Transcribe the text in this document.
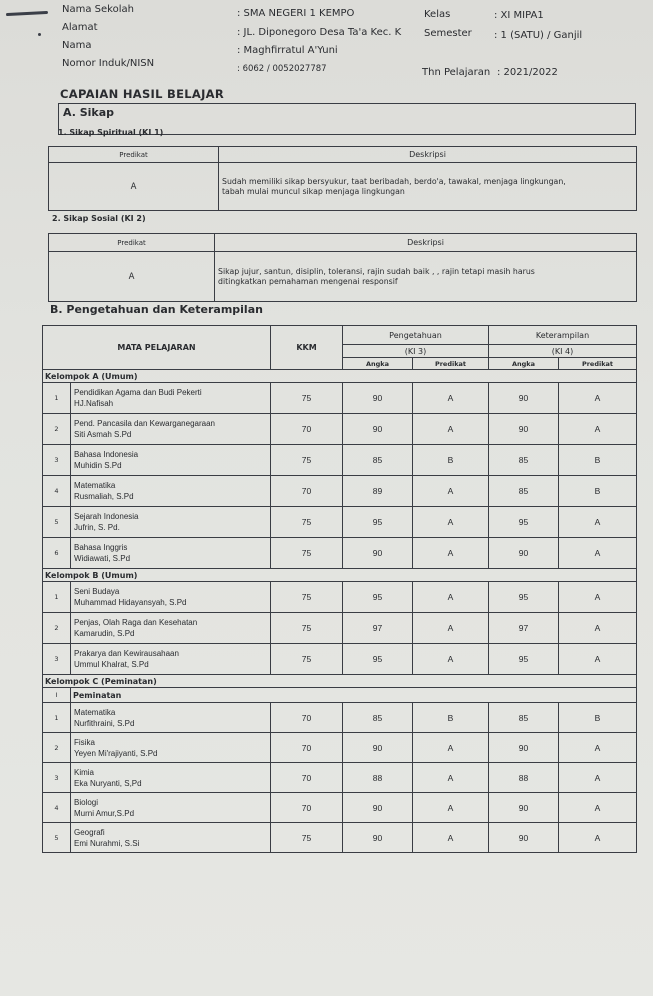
Nama Sekolah	: SMA NEGERI 1 KEMPO	Kelas	: XI MIPA1
Alamat	: JL. Diponegoro Desa Ta'a Kec. K Semester : 1 (SATU) / Ganjil
Nama	: Maghfirratul A'Yuni
Nomor Induk/NISN	: 6062 / 0052027787	Thn Pelajaran : 2021/2022
CAPAIAN HASIL BELAJAR
A. Sikap
1. Sikap Spiritual (KI 1)
Predikat	Deskripsi
A	Sudah memiliki sikap bersyukur, taat beribadah, berdo'a, tawakal, menjaga lingkungan,
tabah mulai muncul sikap menjaga lingkungan
2. Sikap Sosial (KI 2)
Predikat	Deskripsi
A	Sikap jujur, santun, disiplin, toleransi, rajin sudah baik , , rajin tetapi masih harus
ditingkatkan pemahaman mengenai responsif
B. Pengetahuan dan Keterampilan
MATA PELAJARAN		KKM	Pengetahuan		Keterampilan	
			(KI 3)		(KI 4)	
			Angka	Predikat	Angka	Predikat
Kelompok A (Umum)						
1	Pendidikan Agama dan Budi Pekerti
HJ.Nafisah	75	90	A	90	A
2	Pend. Pancasila dan Kewarganegaraan
Siti Asmah S.Pd	70	90	A	90	A
3	Bahasa Indonesia
Muhidin S.Pd	75	85	B	85	B
4	Matematika
Rusmaliah, S.Pd	70	89	A	85	B
5	Sejarah Indonesia
Jufrin, S. Pd.	75	95	A	95	A
6	Bahasa Inggris
Widiawati, S.Pd	75	90	A	90	A
Kelompok B (Umum)						
1	Seni Budaya
Muhammad Hidayansyah, S.Pd	75	95	A	95	A
2	Penjas, Olah Raga dan Kesehatan
Kamarudin, S.Pd	75	97	A	97	A
3	Prakarya dan Kewirausahaan
Ummul Khalrat, S.Pd	75	95	A	95	A
Kelompok C (Peminatan)						
I	Peminatan					
1	Matematika
Nurfithraini, S.Pd	70	85	B	85	B
2	Fisika
Yeyen Mi'rajiyanti, S.Pd	70	90	A	90	A
3	Kimia
Eka Nuryanti, S,Pd	70	88	A	88	A
4	Biologi
Murni Amur,S.Pd	70	90	A	90	A
5	Geografi
Emi Nurahmi, S.Si	75	90	A	90	A
